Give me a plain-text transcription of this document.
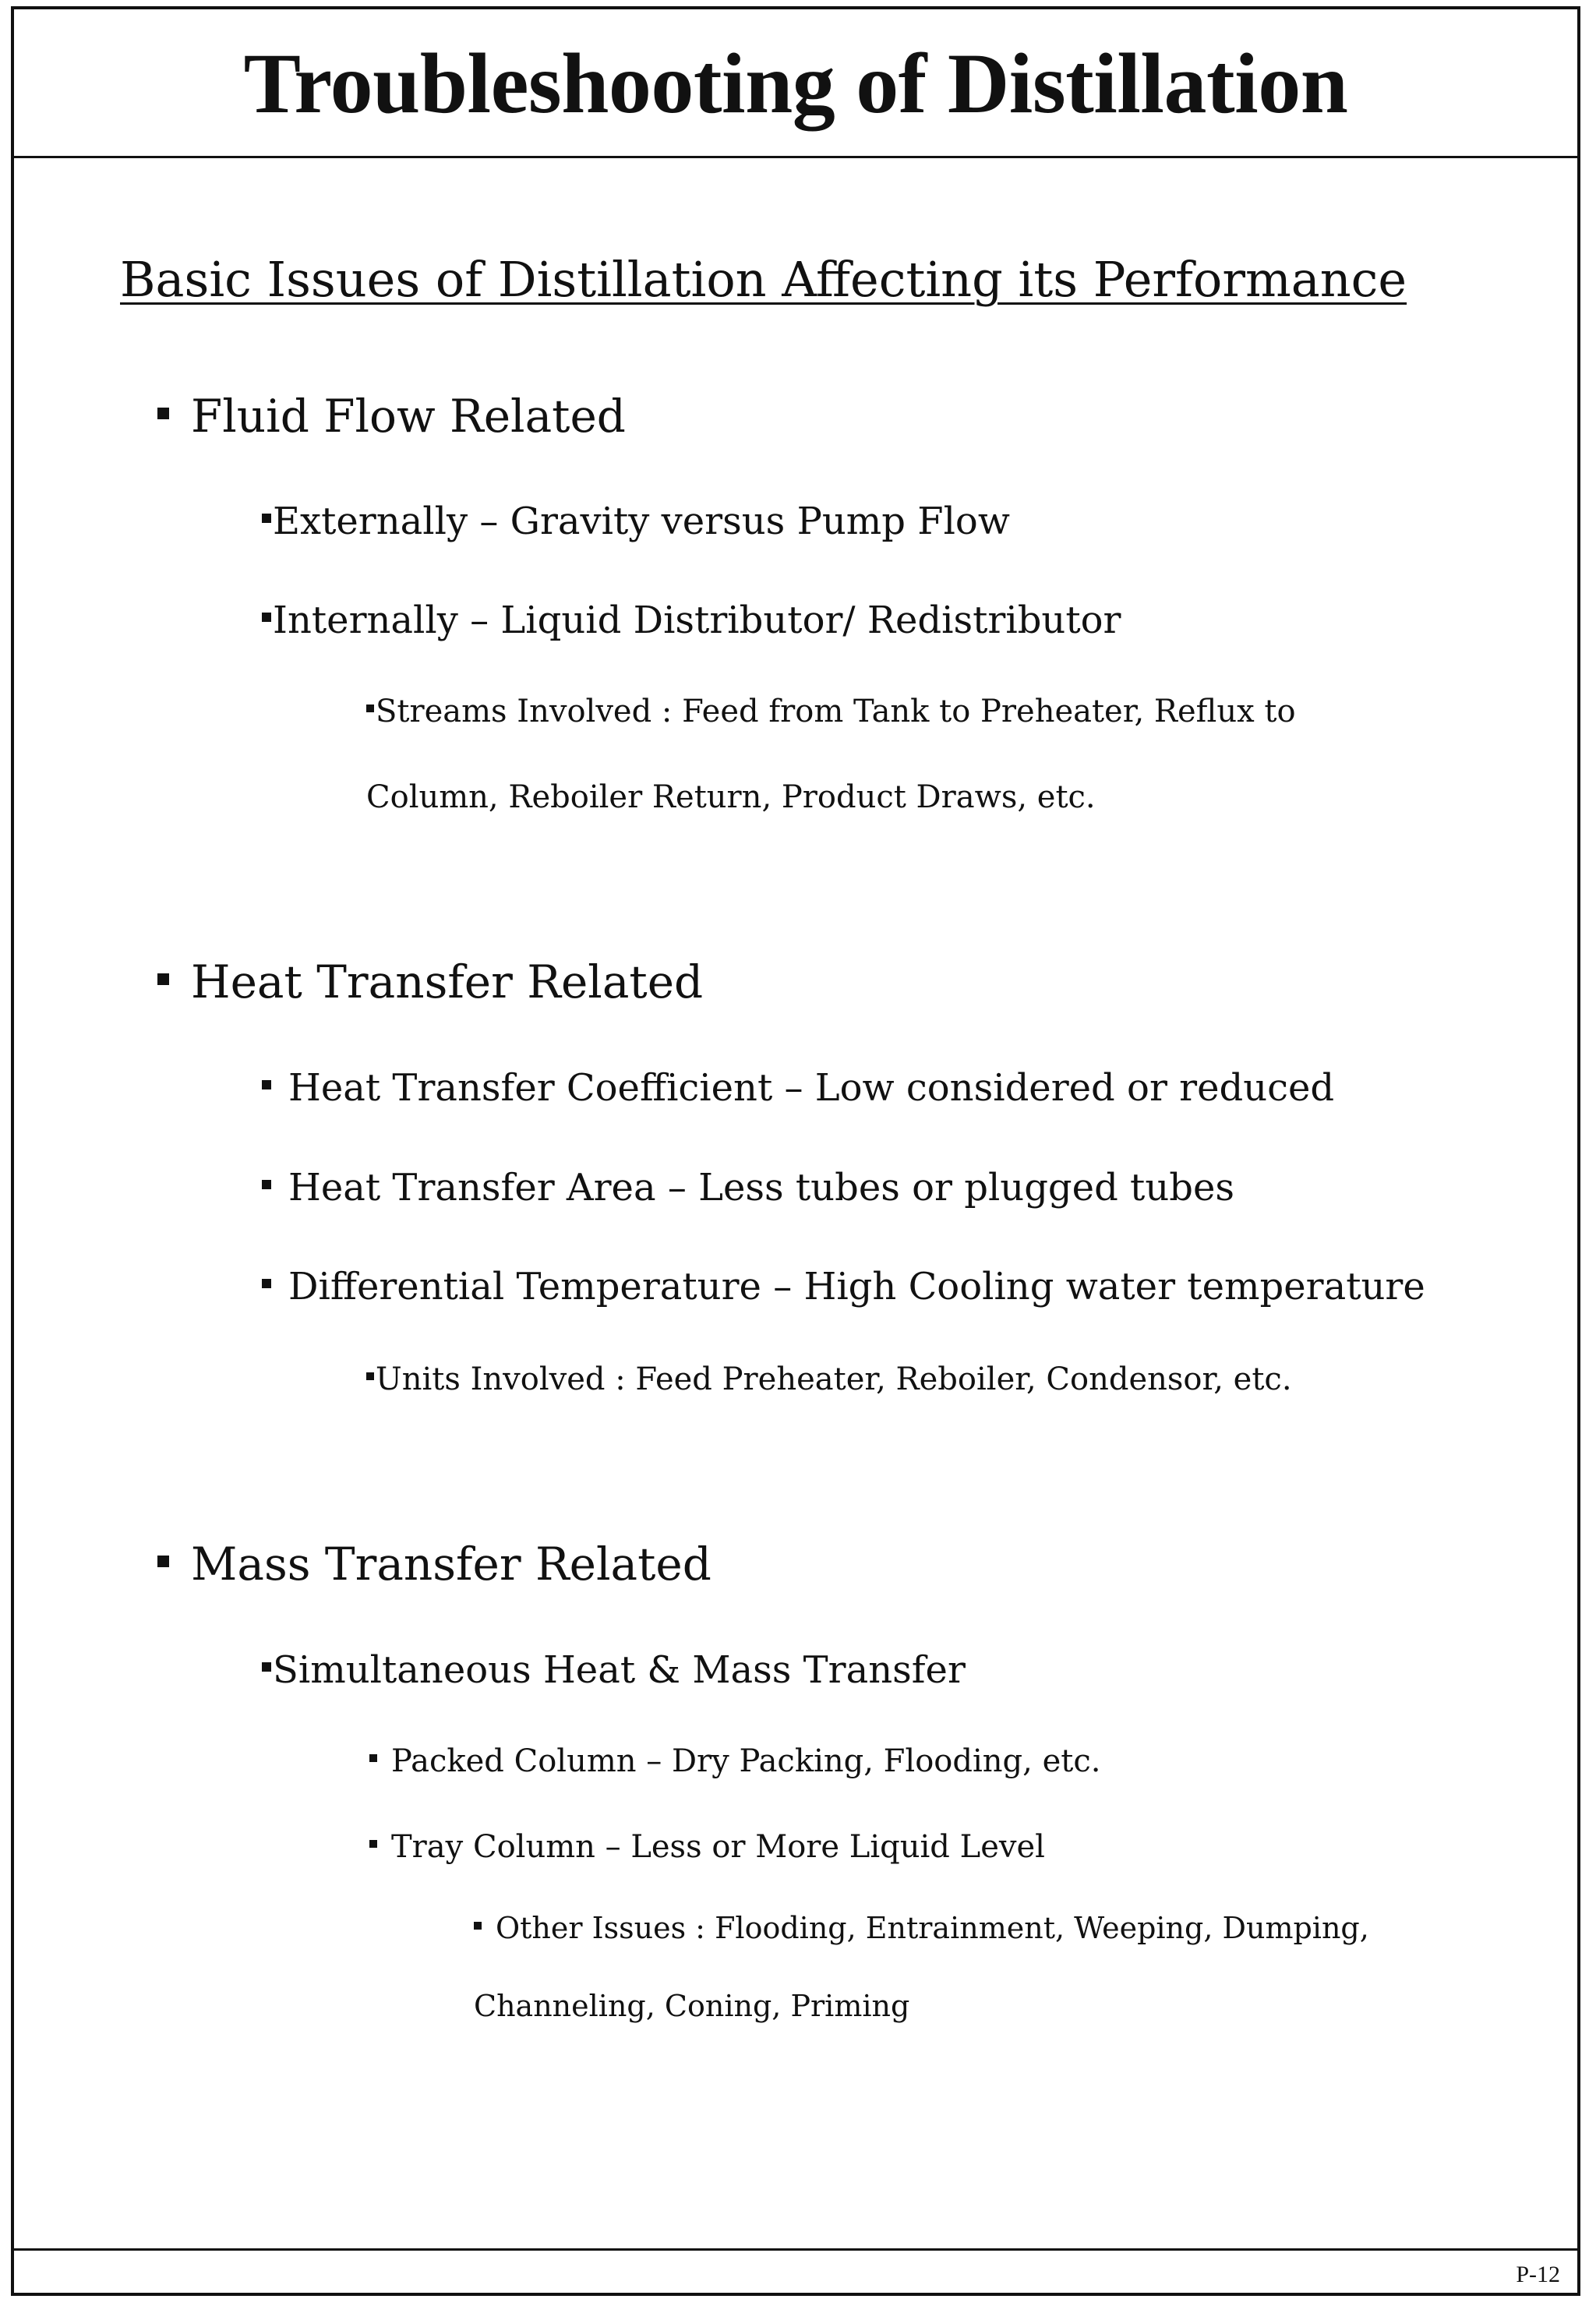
Troubleshooting of Distillation
P-12
Basic Issues of Distillation Affecting its Performance
Fluid Flow Related
Externally – Gravity versus Pump Flow
Internally – Liquid Distributor/ Redistributor
Streams Involved : Feed from Tank to Preheater, Reflux to
Column, Reboiler Return, Product Draws, etc.
Heat Transfer Related
Heat Transfer Coefficient – Low considered or reduced
Heat Transfer Area – Less tubes or plugged tubes
Differential Temperature – High Cooling water temperature
Units Involved : Feed Preheater, Reboiler, Condensor, etc.
Mass Transfer Related
Simultaneous Heat & Mass Transfer
Packed Column – Dry Packing, Flooding, etc.
Tray Column – Less or More Liquid Level
Other Issues : Flooding, Entrainment, Weeping, Dumping,
Channeling, Coning, Priming
